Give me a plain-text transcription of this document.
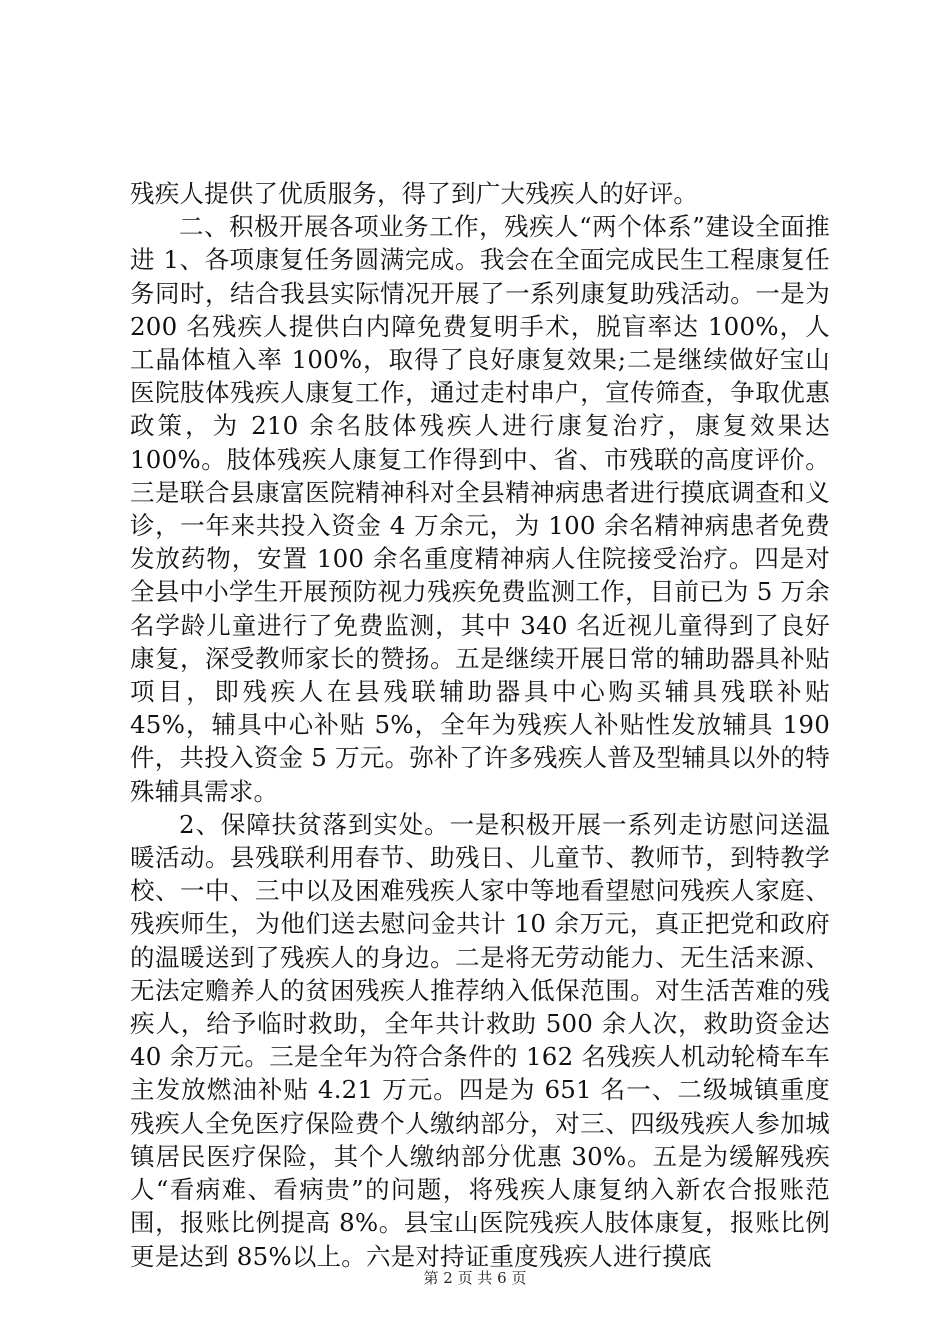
残疾人提供了优质服务，得了到广大残疾人的好评。

二、积极开展各项业务工作，残疾人“两个体系”建设全面推进 1、各项康复任务圆满完成。我会在全面完成民生工程康复任务同时，结合我县实际情况开展了一系列康复助残活动。一是为 200 名残疾人提供白内障免费复明手术，脱盲率达 100%，人工晶体植入率 100%，取得了良好康复效果;二是继续做好宝山医院肢体残疾人康复工作，通过走村串户，宣传筛查，争取优惠政策，为 210 余名肢体残疾人进行康复治疗，康复效果达 100%。肢体残疾人康复工作得到中、省、市残联的高度评价。三是联合县康富医院精神科对全县精神病患者进行摸底调查和义诊，一年来共投入资金 4 万余元，为 100 余名精神病患者免费发放药物，安置 100 余名重度精神病人住院接受治疗。四是对全县中小学生开展预防视力残疾免费监测工作，目前已为 5 万余名学龄儿童进行了免费监测，其中 340 名近视儿童得到了良好康复，深受教师家长的赞扬。五是继续开展日常的辅助器具补贴项目，即残疾人在县残联辅助器具中心购买辅具残联补贴 45%，辅具中心补贴 5%，全年为残疾人补贴性发放辅具 190 件，共投入资金 5 万元。弥补了许多残疾人普及型辅具以外的特殊辅具需求。

2、保障扶贫落到实处。一是积极开展一系列走访慰问送温暖活动。县残联利用春节、助残日、儿童节、教师节，到特教学校、一中、三中以及困难残疾人家中等地看望慰问残疾人家庭、残疾师生，为他们送去慰问金共计 10 余万元，真正把党和政府的温暖送到了残疾人的身边。二是将无劳动能力、无生活来源、无法定赡养人的贫困残疾人推荐纳入低保范围。对生活苦难的残疾人，给予临时救助，全年共计救助 500 余人次，救助资金达 40 余万元。三是全年为符合条件的 162 名残疾人机动轮椅车车主发放燃油补贴 4.21 万元。四是为 651 名一、二级城镇重度残疾人全免医疗保险费个人缴纳部分，对三、四级残疾人参加城镇居民医疗保险，其个人缴纳部分优惠 30%。五是为缓解残疾人“看病难、看病贵”的问题，将残疾人康复纳入新农合报账范围，报账比例提高 8%。县宝山医院残疾人肢体康复，报账比例更是达到 85%以上。六是对持证重度残疾人进行摸底

第 2 页 共 6 页
